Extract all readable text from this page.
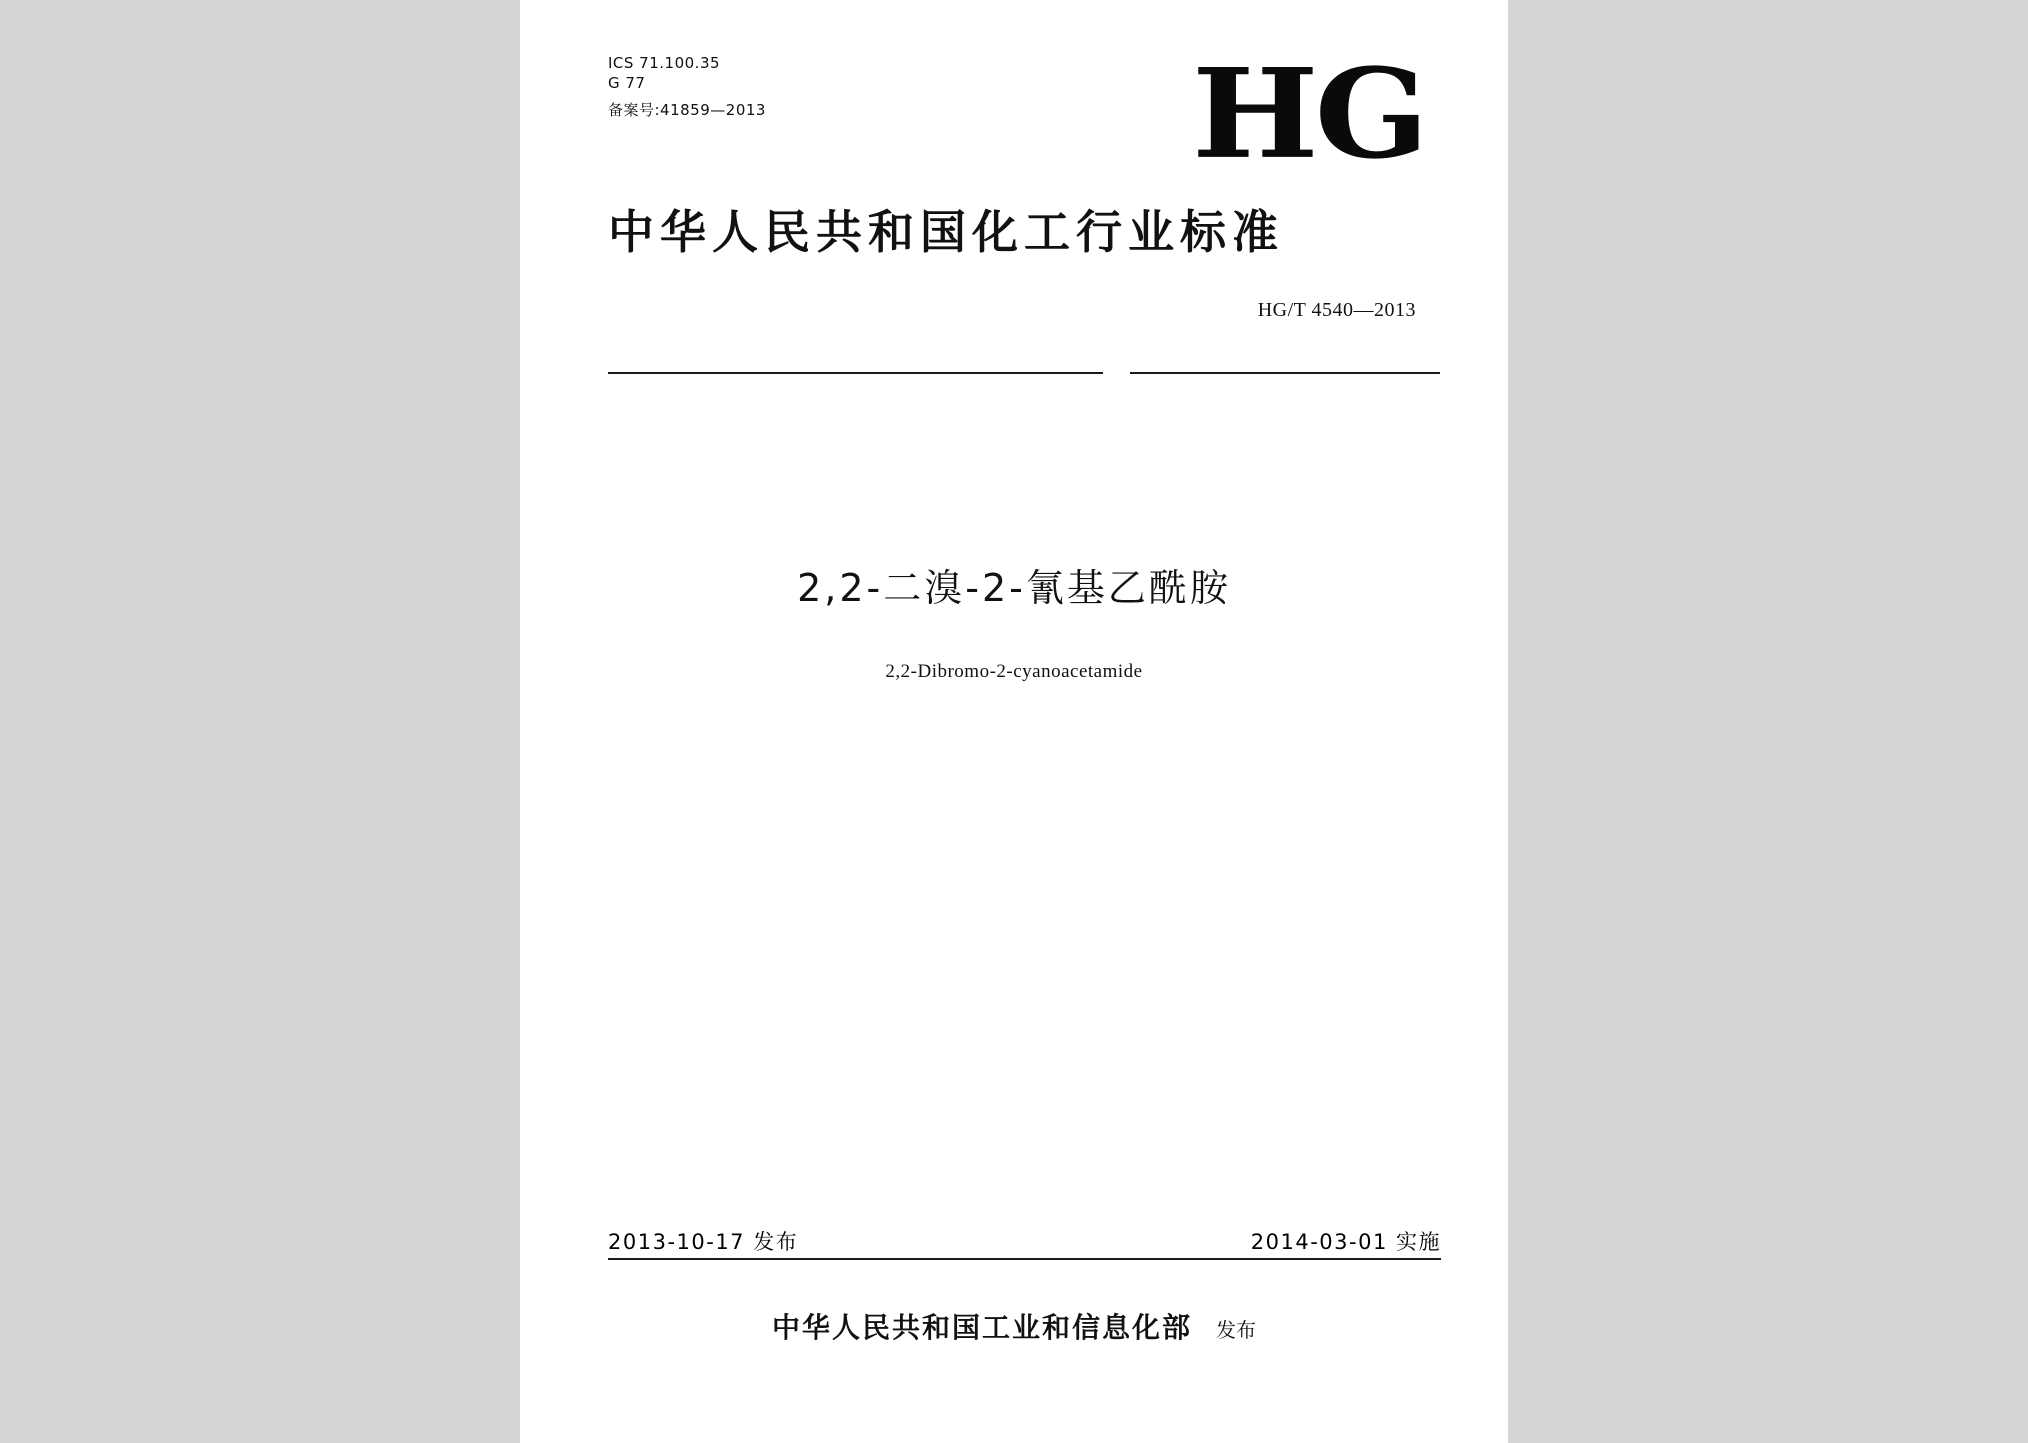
ICS 71.100.35
G 77
备案号:41859—2013	HG
中华人民共和国化工行业标准
HG/T 4540—2013
2,2-二溴-2-氰基乙酰胺
2,2-Dibromo-2-cyanoacetamide
2013-10-17 发布	2014-03-01 实施
中华人民共和国工业和信息化部 发布
